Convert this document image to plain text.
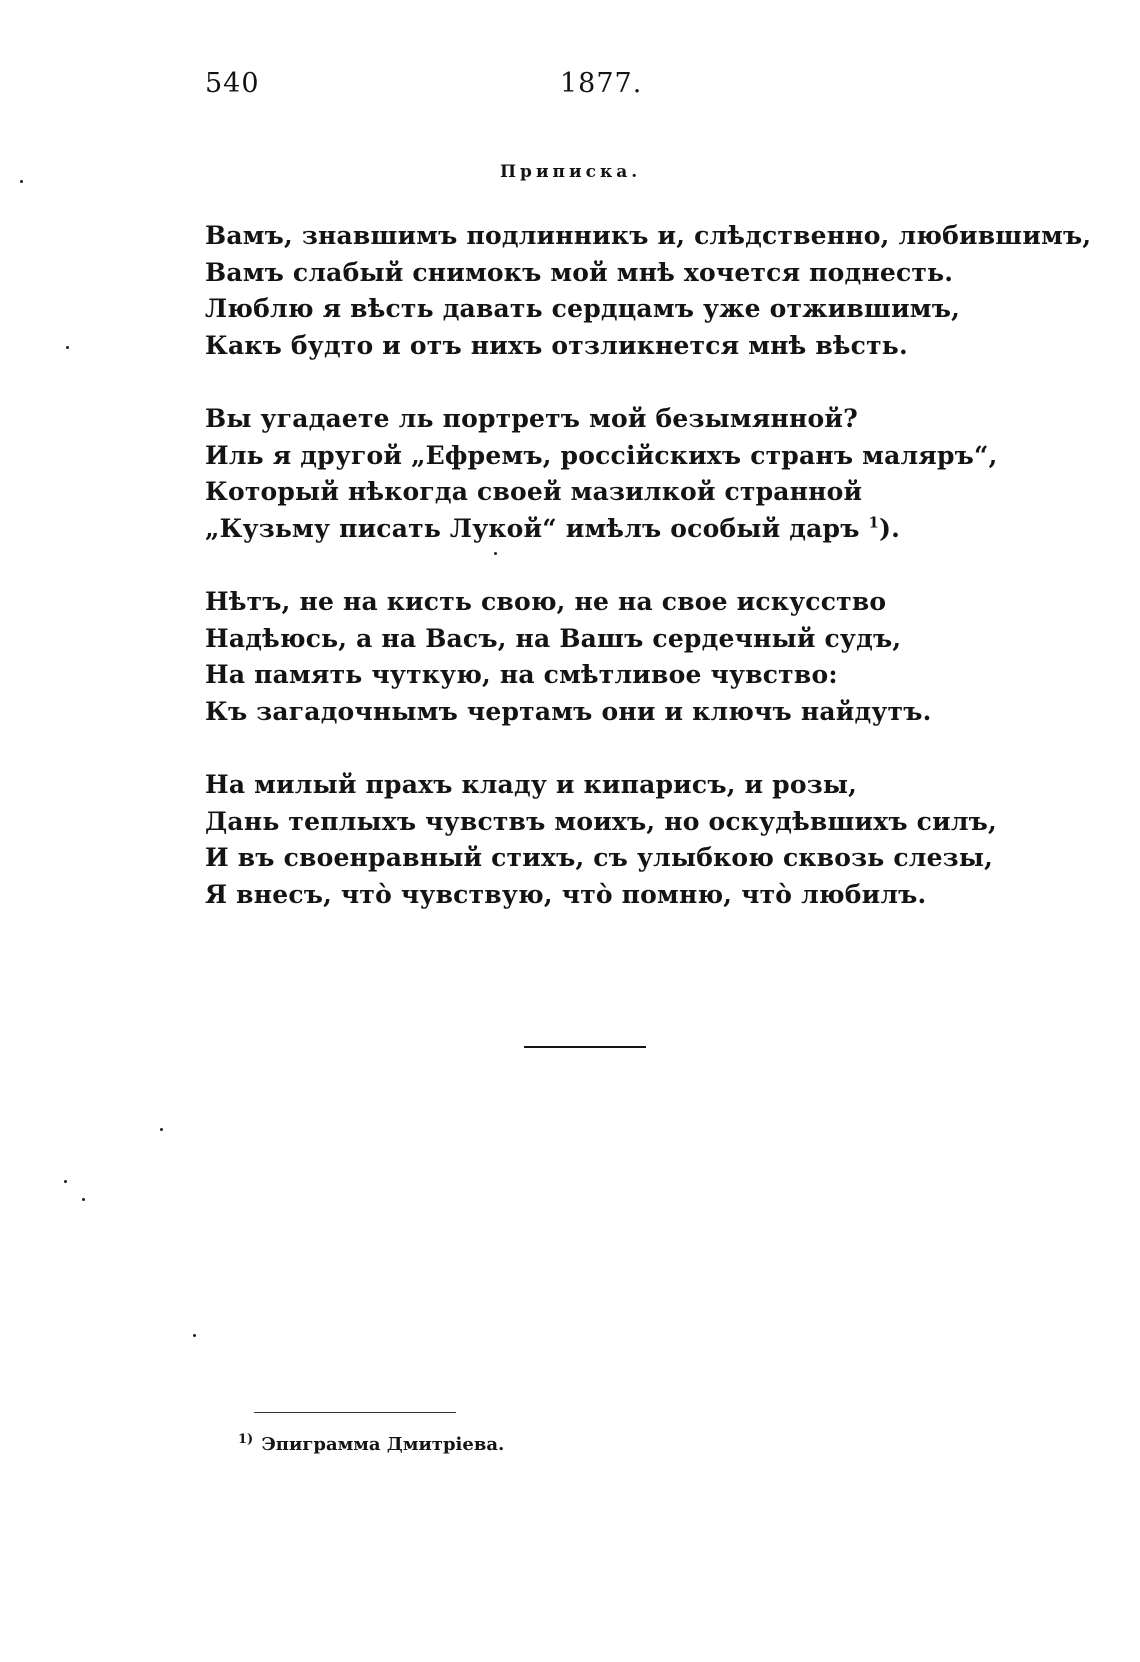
540	1877.
Приписка.
Вамъ, знавшимъ подлинникъ и, слѣдственно, любившимъ,
Вамъ слабый снимокъ мой мнѣ хочется поднесть.
Люблю я вѣсть давать сердцамъ уже отжившимъ,
Какъ будто и отъ нихъ отзликнется мнѣ вѣсть.
Вы угадаете ль портретъ мой безымянной?
Иль я другой „Ефремъ, россійскихъ странъ маляръ“,
Который нѣкогда своей мазилкой странной
„Кузьму писать Лукой“ имѣлъ особый даръ $^1$).
Нѣтъ, не на кисть свою, не на свое искусство
Надѣюсь, а на Васъ, на Вашъ сердечный судъ,
На память чуткую, на смѣтливое чувство:
Къ загадочнымъ чертамъ они и ключъ найдутъ.
На милый прахъ кладу и кипарисъ, и розы,
Дань теплыхъ чувствъ моихъ, но оскудѣвшихъ силъ,
И въ своенравный стихъ, съ улыбкою сквозь слезы,
Я внесъ, что̀ чувствую, что̀ помню, что̀ любилъ.
$^{1)}$ Эпиграмма Дмитріева.
